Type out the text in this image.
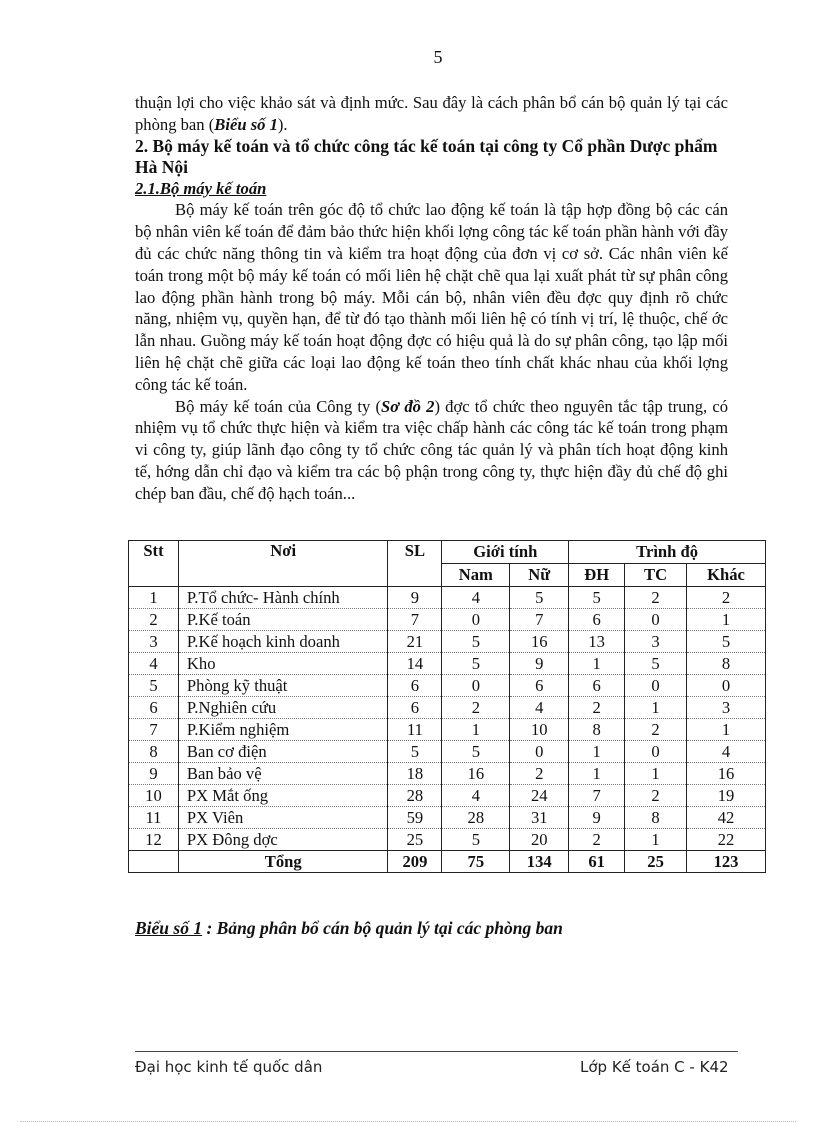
5

thuận lợi cho việc khảo sát và định mức. Sau đây là cách phân bổ cán bộ quản lý tại các phòng ban (Biểu số 1).

2. Bộ máy kế toán và tổ chức công tác kế toán tại công ty Cổ phần Dược phẩm Hà Nội

2.1.Bộ máy kế toán

Bộ máy kế toán trên góc độ tổ chức lao động kế toán là tập hợp đồng bộ các cán bộ nhân viên kế toán để đảm bảo thức hiện khối lợng công tác kế toán phần hành với đầy đủ các chức năng thông tin và kiểm tra hoạt động của đơn vị cơ sở. Các nhân viên kế toán trong một bộ máy kế toán có mối liên hệ chặt chẽ qua lại xuất phát từ sự phân công lao động phần hành trong bộ máy. Mỗi cán bộ, nhân viên đều đợc quy định rõ chức năng, nhiệm vụ, quyền hạn, để từ đó tạo thành mối liên hệ có tính vị trí, lệ thuộc, chế ớc lẫn nhau. Guồng máy kế toán hoạt động đợc có hiệu quả là do sự phân công, tạo lập mối liên hệ chặt chẽ giữa các loại lao động kế toán theo tính chất khác nhau của khối lợng công tác kế toán.

Bộ máy kế toán của Công ty (Sơ đồ 2) đợc tổ chức theo nguyên tắc tập trung, có nhiệm vụ tổ chức thực hiện và kiểm tra việc chấp hành các công tác kế toán trong phạm vi công ty, giúp lãnh đạo công ty tổ chức công tác quản lý và phân tích hoạt động kinh tế, hớng dẫn chỉ đạo và kiểm tra các bộ phận trong công ty, thực hiện đầy đủ chế độ ghi chép ban đầu, chế độ hạch toán...

Stt	Nơi	SL	Giới tính		Trình độ		
			Nam	Nữ	ĐH	TC	Khác
1	P.Tổ chức- Hành chính	9	4	5	5	2	2
2	P.Kế toán	7	0	7	6	0	1
3	P.Kế hoạch kinh doanh	21	5	16	13	3	5
4	Kho	14	5	9	1	5	8
5	Phòng kỹ thuật	6	0	6	6	0	0
6	P.Nghiên cứu	6	2	4	2	1	3
7	P.Kiểm nghiệm	11	1	10	8	2	1
8	Ban cơ điện	5	5	0	1	0	4
9	Ban bảo vệ	18	16	2	1	1	16
10	PX Mắt ống	28	4	24	7	2	19
11	PX Viên	59	28	31	9	8	42
12	PX Đông dợc	25	5	20	2	1	22
	Tổng	209	75	134	61	25	123
Biểu số 1 : Bảng phân bổ cán bộ quản lý tại các phòng ban
Đại học kinh tế quốc dân	Lớp Kế toán C - K42
